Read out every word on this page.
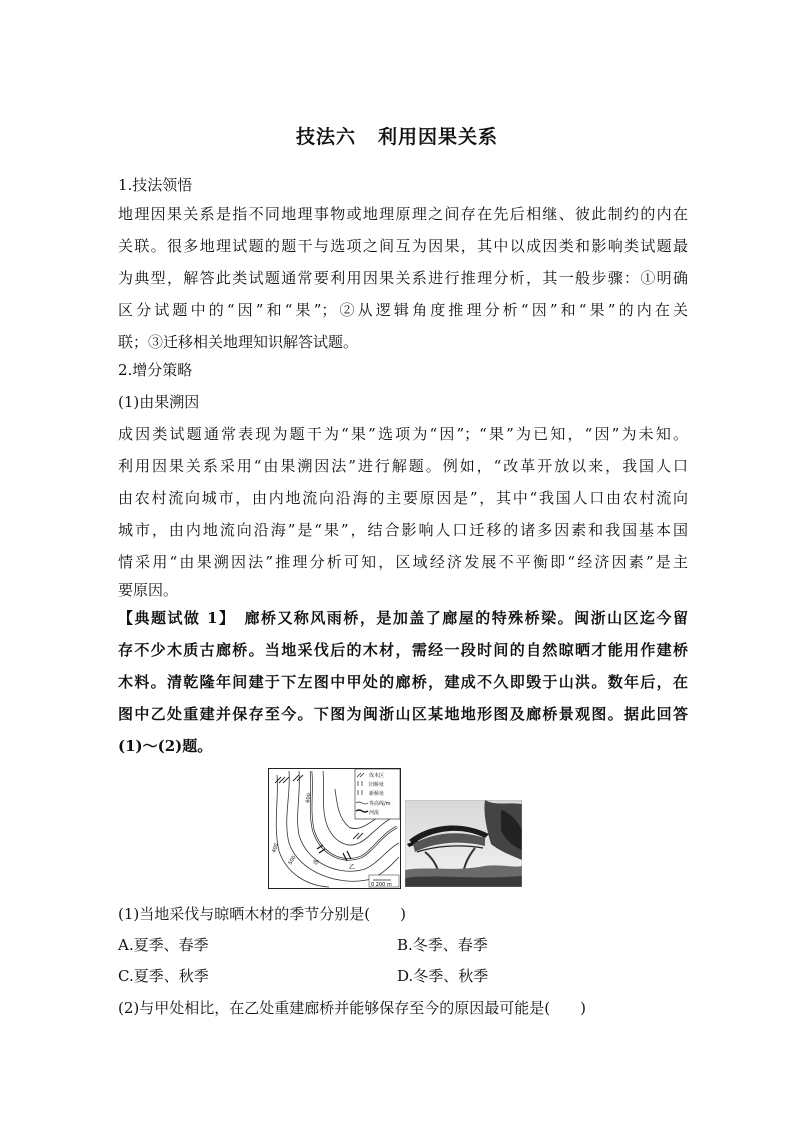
技法六 利用因果关系
1.技法领悟
地理因果关系是指不同地理事物或地理原理之间存在先后相继、彼此制约的内在
关联。很多地理试题的题干与选项之间互为因果，其中以成因类和影响类试题最
为典型，解答此类试题通常要利用因果关系进行推理分析，其一般步骤：①明确
区分试题中的“因”和“果”；②从逻辑角度推理分析“因”和“果”的内在关
联；③迁移相关地理知识解答试题。
2.增分策略
(1)由果溯因
成因类试题通常表现为题干为“果”选项为“因”；“果”为已知，“因”为未知。
利用因果关系采用“由果溯因法”进行解题。例如，“改革开放以来，我国人口
由农村流向城市，由内地流向沿海的主要原因是”，其中“我国人口由农村流向
城市，由内地流向沿海”是“果”，结合影响人口迁移的诸多因素和我国基本国
情采用“由果溯因法”推理分析可知，区域经济发展不平衡即“经济因素”是主
要原因。
【典题试做 1】　廊桥又称风雨桥，是加盖了廊屋的特殊桥梁。闽浙山区迄今留
存不少木质古廊桥。当地采伐后的木材，需经一段时间的自然晾晒才能用作建桥
木料。清乾隆年间建于下左图中甲处的廊桥，建成不久即毁于山洪。数年后，在
图中乙处重建并保存至今。下图为闽浙山区某地地形图及廊桥景观图。据此回答
(1)～(2)题。
400
500
600
甲
乙
伐木区
旧桥址
新桥址
等高线/m
河流
0 200 m
(1)当地采伐与晾晒木材的季节分别是(　　)
A.夏季、春季	B.冬季、春季
C.夏季、秋季	D.冬季、秋季
(2)与甲处相比，在乙处重建廊桥并能够保存至今的原因最可能是(　　)
